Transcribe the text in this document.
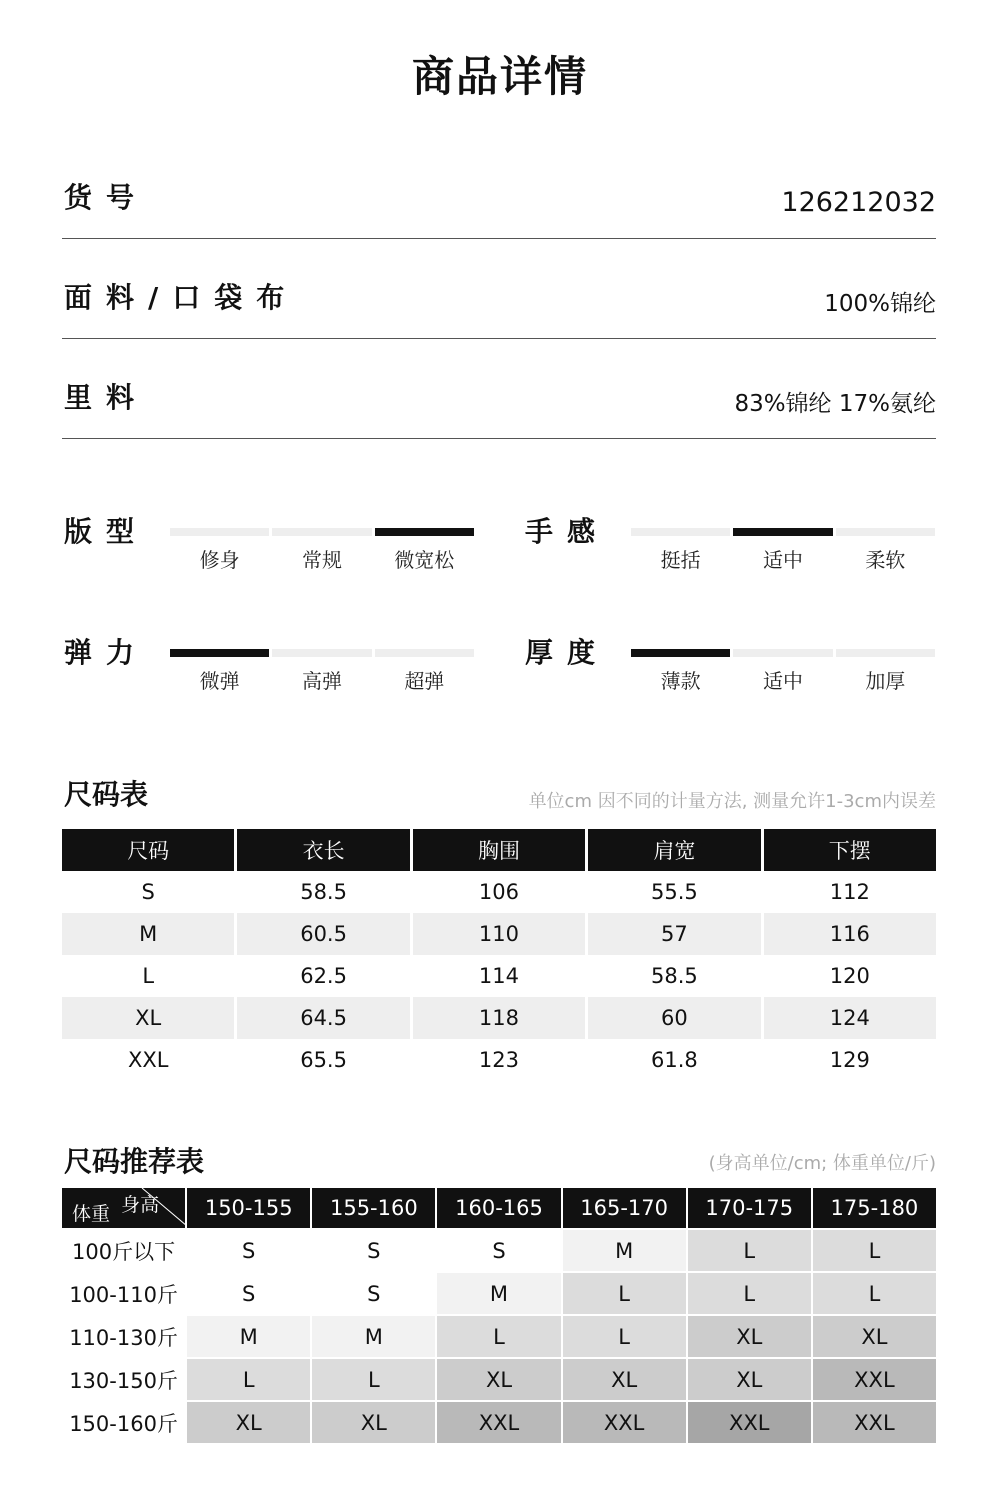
商品详情
货号	126212032
面料/口袋布	100%锦纶
里料	83%锦纶 17%氨纶
版型
修身	常规	微宽松
手感
挺括	适中	柔软
弹力
微弹	高弹	超弹
厚度
薄款	适中	加厚
尺码表	单位cm 因不同的计量方法, 测量允许1-3cm内误差
尺码	衣长	胸围	肩宽	下摆
S	58.5	106	55.5	112
M	60.5	110	57	116
L	62.5	114	58.5	120
XL	64.5	118	60	124
XXL	65.5	123	61.8	129
尺码推荐表	(身高单位/cm; 体重单位/斤)
体重 身高	150-155	155-160	160-165	165-170	170-175	175-180
100斤以下	S	S	S	M	L	L
100-110斤	S	S	M	L	L	L
110-130斤	M	M	L	L	XL	XL
130-150斤	L	L	XL	XL	XL	XXL
150-160斤	XL	XL	XXL	XXL	XXL	XXL
